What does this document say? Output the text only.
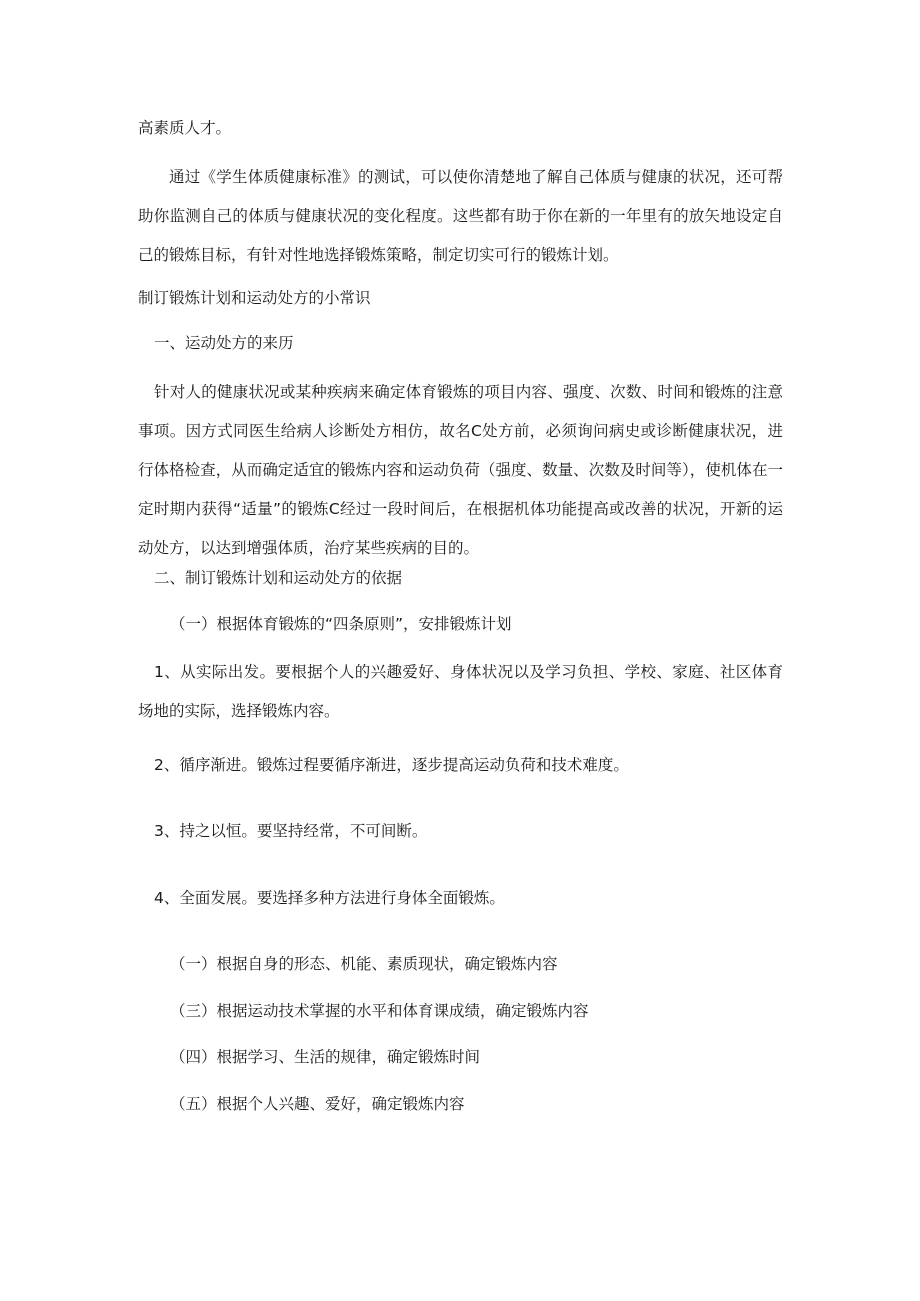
高素质人才。

通过《学生体质健康标准》的测试，可以使你清楚地了解自己体质与健康的状况，还可帮助你监测自己的体质与健康状况的变化程度。这些都有助于你在新的一年里有的放矢地设定自己的锻炼目标，有针对性地选择锻炼策略，制定切实可行的锻炼计划。

制订锻炼计划和运动处方的小常识

一、运动处方的来历

针对人的健康状况或某种疾病来确定体育锻炼的项目内容、强度、次数、时间和锻炼的注意事项。因方式同医生给病人诊断处方相仿，故名C处方前，必须询问病史或诊断健康状况，进行体格检查，从而确定适宜的锻炼内容和运动负荷（强度、数量、次数及时间等），使机体在一定时期内获得“适量”的锻炼C经过一段时间后，在根据机体功能提高或改善的状况，开新的运动处方，以达到增强体质，治疗某些疾病的目的。

二、制订锻炼计划和运动处方的依据

（一）根据体育锻炼的“四条原则”，安排锻炼计划

1、从实际出发。要根据个人的兴趣爱好、身体状况以及学习负担、学校、家庭、社区体育场地的实际，选择锻炼内容。

2、循序渐进。锻炼过程要循序渐进，逐步提高运动负荷和技术难度。

3、持之以恒。要坚持经常，不可间断。

4、全面发展。要选择多种方法进行身体全面锻炼。

（一）根据自身的形态、机能、素质现状，确定锻炼内容

（三）根据运动技术掌握的水平和体育课成绩，确定锻炼内容

（四）根据学习、生活的规律，确定锻炼时间

（五）根据个人兴趣、爱好，确定锻炼内容
